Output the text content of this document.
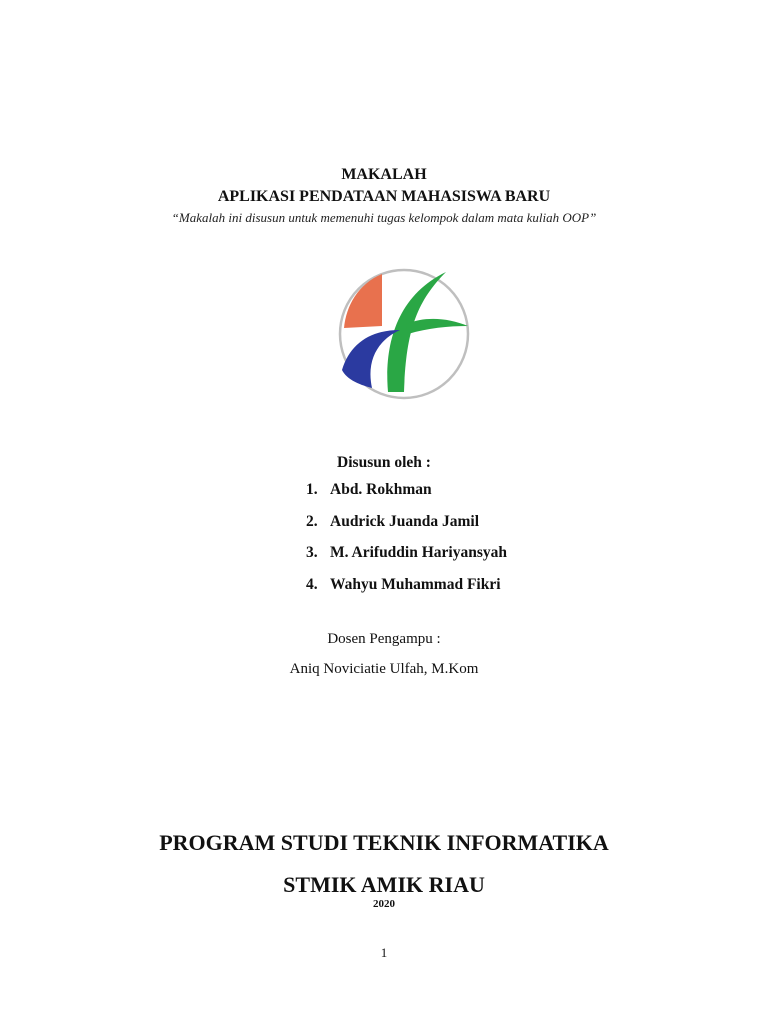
MAKALAH
APLIKASI PENDATAAN MAHASISWA BARU
“Makalah ini disusun untuk memenuhi tugas kelompok dalam mata kuliah OOP”
Disusun oleh :
1. Abd. Rokhman
2. Audrick Juanda Jamil
3. M. Arifuddin Hariyansyah
4. Wahyu Muhammad Fikri
Dosen Pengampu :
Aniq Noviciatie Ulfah, M.Kom
PROGRAM STUDI TEKNIK INFORMATIKA
STMIK AMIK RIAU
2020
1
